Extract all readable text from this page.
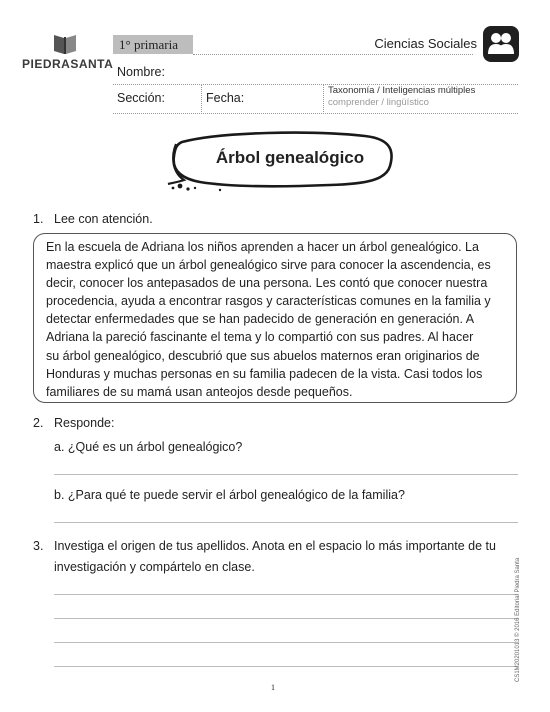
PIEDRASANTA
1° primaria	Ciencias Sociales
Nombre:
Sección:	Fecha:
Taxonomía / Inteligencias múltiples
comprender / lingüístico
Árbol genealógico
1. Lee con atención.
En la escuela de Adriana los niños aprenden a hacer un árbol genealógico. La
maestra explicó que un árbol genealógico sirve para conocer la ascendencia, es
decir, conocer los antepasados de una persona. Les contó que conocer nuestra
procedencia, ayuda a encontrar rasgos y características comunes en la familia y
detectar enfermedades que se han padecido de generación en generación. A
Adriana la pareció fascinante el tema y lo compartió con sus padres. Al hacer
su árbol genealógico, descubrió que sus abuelos maternos eran originarios de
Honduras y muchas personas en su familia padecen de la vista. Casi todos los
familiares de su mamá usan anteojos desde pequeños.
2. Responde:
a. ¿Qué es un árbol genealógico?
b. ¿Para qué te puede servir el árbol genealógico de la familia?
3. Investiga el origen de tus apellidos. Anota en el espacio lo más importante de tu
investigación y compártelo en clase.	CS1M20201013 © 2016 Editorial Piedra Santa
1
